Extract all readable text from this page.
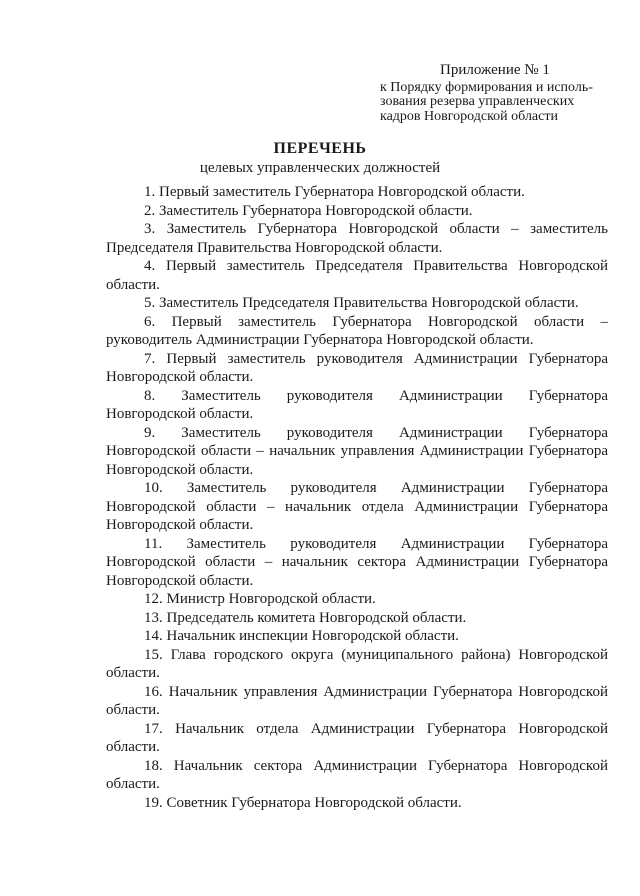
Приложение № 1
к Порядку формирования и исполь-
зования резерва управленческих
кадров Новгородской области
ПЕРЕЧЕНЬ
целевых управленческих должностей
1. Первый заместитель Губернатора Новгородской области.
2. Заместитель Губернатора Новгородской области.
3. Заместитель Губернатора Новгородской области – заместитель Председателя Правительства Новгородской области.
4. Первый заместитель Председателя Правительства Новгородской области.
5. Заместитель Председателя Правительства Новгородской области.
6. Первый заместитель Губернатора Новгородской области – руководитель Администрации Губернатора Новгородской области.
7. Первый заместитель руководителя Администрации Губернатора Новгородской области.
8. Заместитель руководителя Администрации Губернатора Новгородской области.
9. Заместитель руководителя Администрации Губернатора Новгородской области – начальник управления Администрации Губернатора Новгородской области.
10. Заместитель руководителя Администрации Губернатора Новгородской области – начальник отдела Администрации Губернатора Новгородской области.
11. Заместитель руководителя Администрации Губернатора Новгородской области – начальник сектора Администрации Губернатора Новгородской области.
12. Министр Новгородской области.
13. Председатель комитета Новгородской области.
14. Начальник инспекции Новгородской области.
15. Глава городского округа (муниципального района) Новгородской области.
16. Начальник управления Администрации Губернатора Новгородской области.
17. Начальник отдела Администрации Губернатора Новгородской области.
18. Начальник сектора Администрации Губернатора Новгородской области.
19. Советник Губернатора Новгородской области.
